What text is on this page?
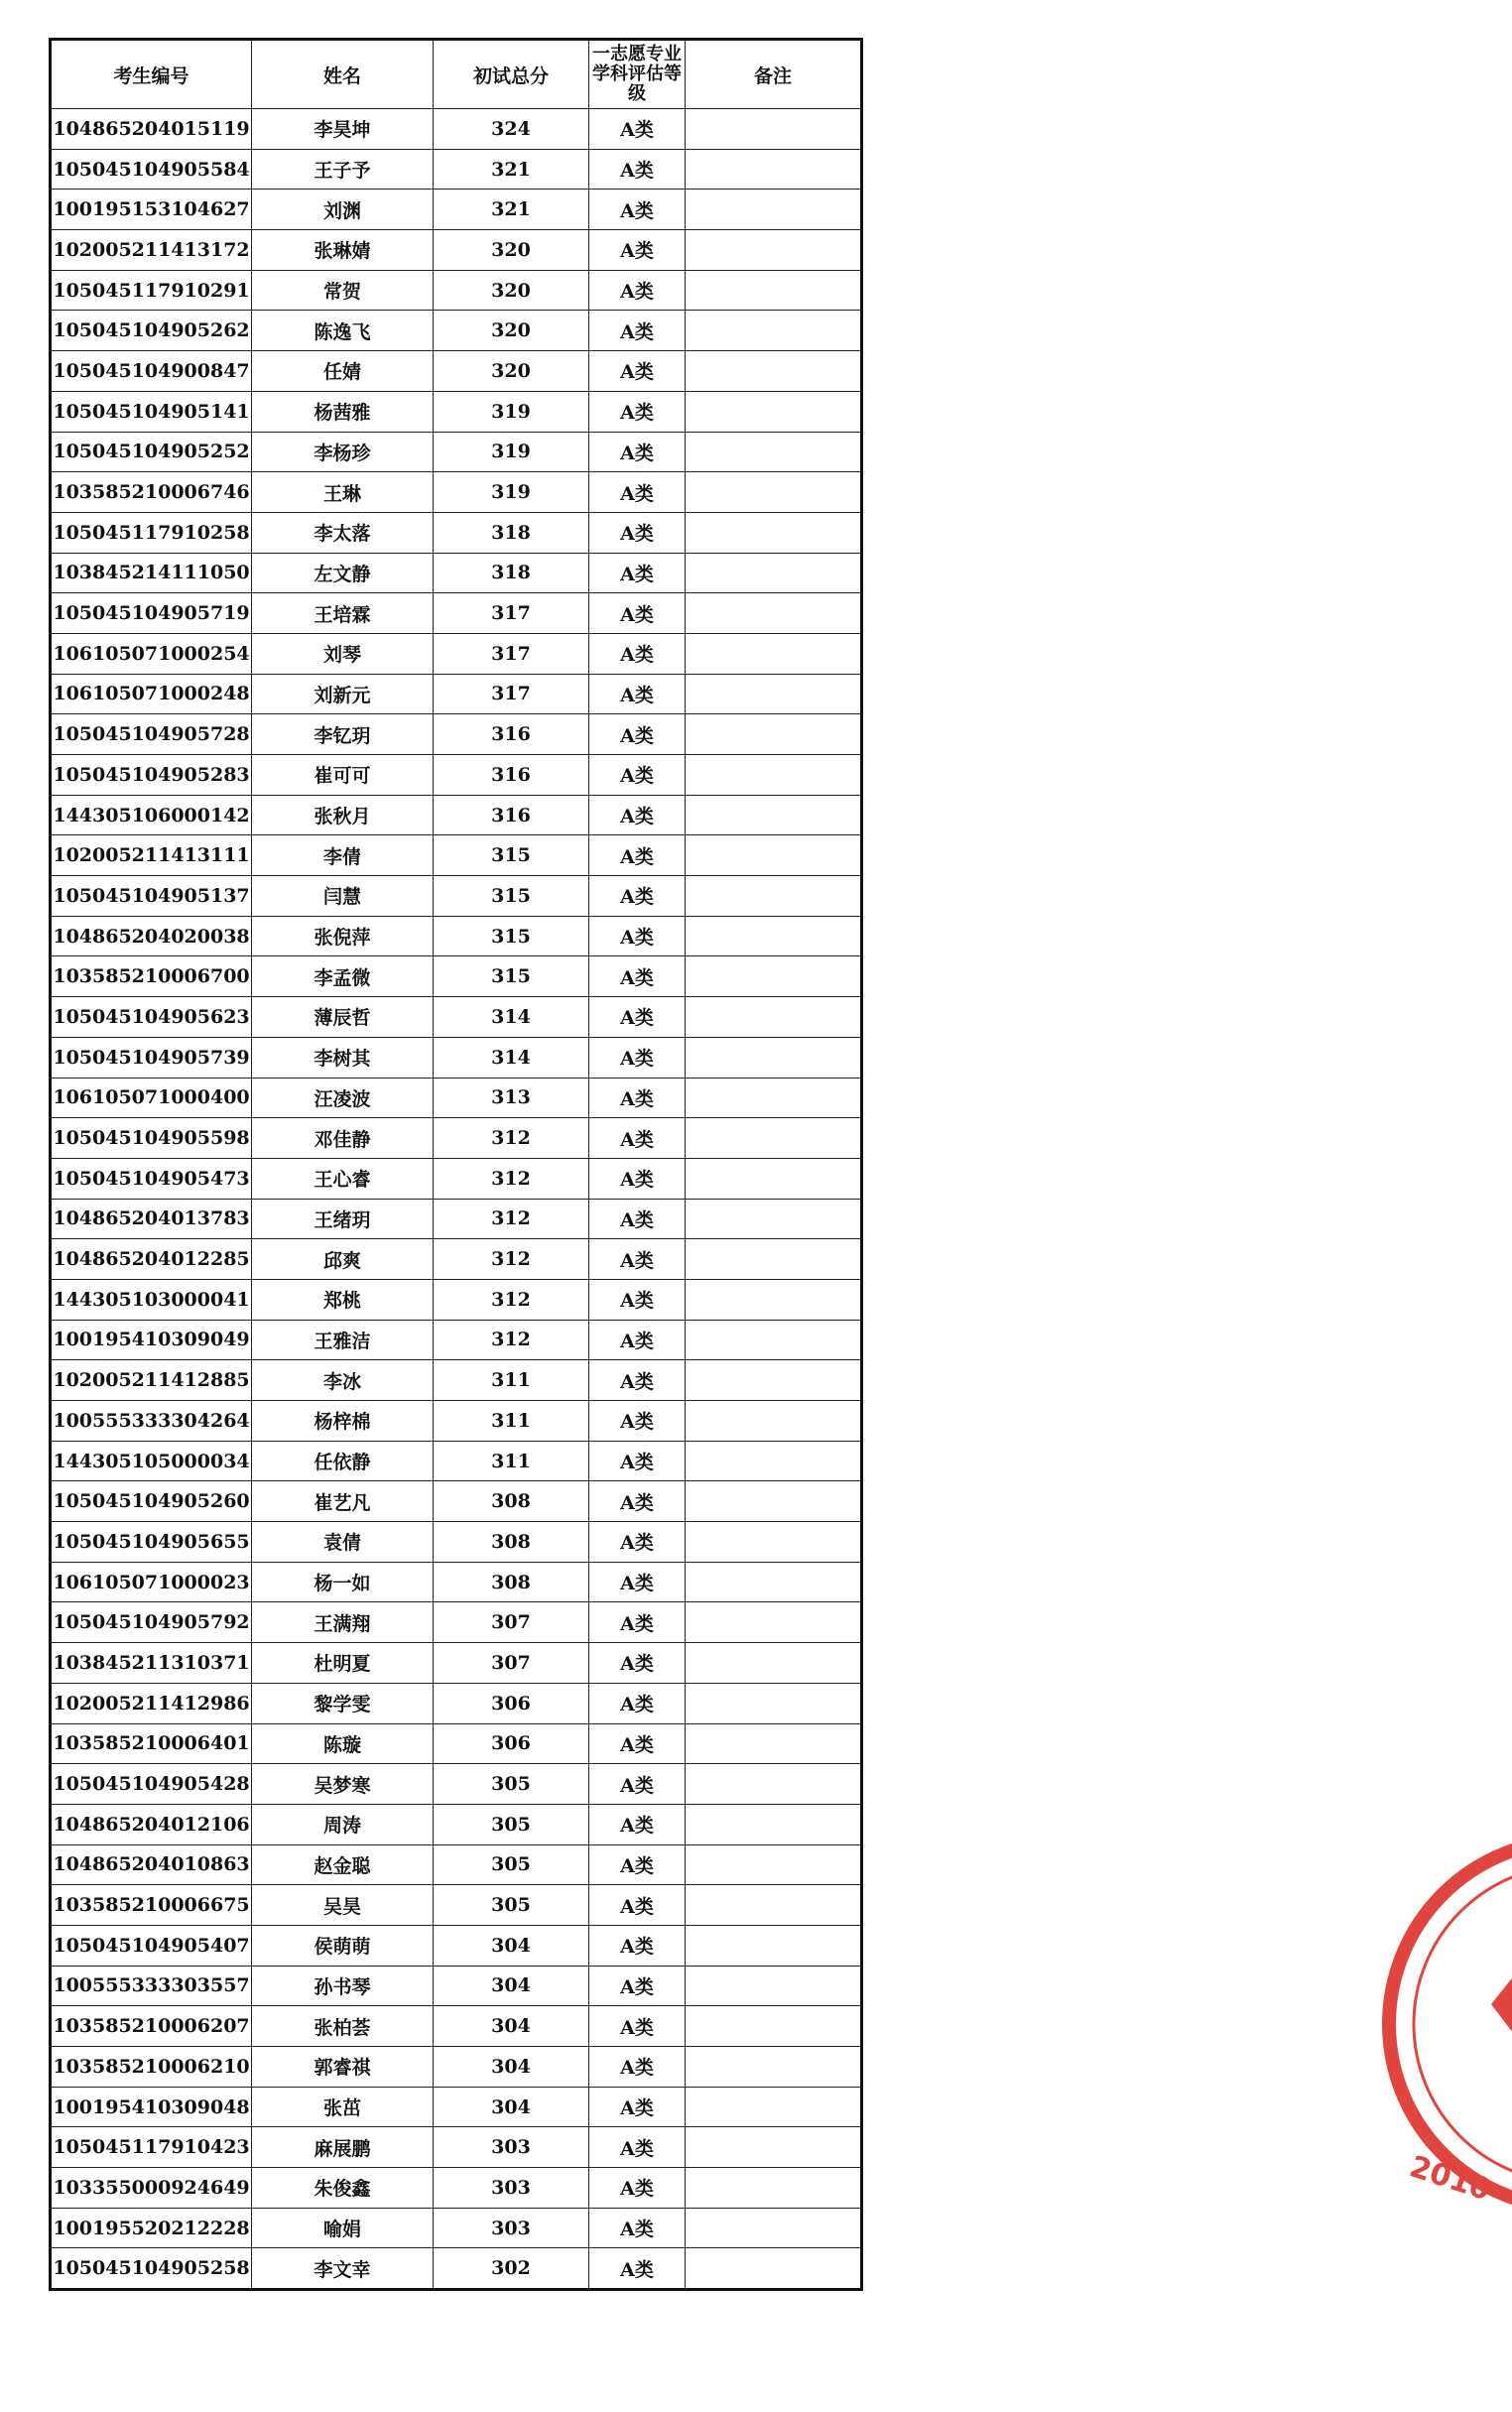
考生编号	姓名	初试总分	一志愿专业学科评估等级	备注
104865204015119	李昊坤	324	A类	
105045104905584	王子予	321	A类	
100195153104627	刘渊	321	A类	
102005211413172	张琳婧	320	A类	
105045117910291	常贺	320	A类	
105045104905262	陈逸飞	320	A类	
105045104900847	任婧	320	A类	
105045104905141	杨茜雅	319	A类	
105045104905252	李杨珍	319	A类	
103585210006746	王琳	319	A类	
105045117910258	李太落	318	A类	
103845214111050	左文静	318	A类	
105045104905719	王培霖	317	A类	
106105071000254	刘琴	317	A类	
106105071000248	刘新元	317	A类	
105045104905728	李钇玥	316	A类	
105045104905283	崔可可	316	A类	
144305106000142	张秋月	316	A类	
102005211413111	李倩	315	A类	
105045104905137	闫慧	315	A类	
104865204020038	张倪萍	315	A类	
103585210006700	李孟微	315	A类	
105045104905623	薄辰哲	314	A类	
105045104905739	李树其	314	A类	
106105071000400	汪凌波	313	A类	
105045104905598	邓佳静	312	A类	
105045104905473	王心睿	312	A类	
104865204013783	王绪玥	312	A类	
104865204012285	邱爽	312	A类	
144305103000041	郑桃	312	A类	
100195410309049	王雅洁	312	A类	
102005211412885	李冰	311	A类	
100555333304264	杨梓棉	311	A类	
144305105000034	任依静	311	A类	
105045104905260	崔艺凡	308	A类	
105045104905655	袁倩	308	A类	
106105071000023	杨一如	308	A类	
105045104905792	王满翔	307	A类	
103845211310371	杜明夏	307	A类	
102005211412986	黎学雯	306	A类	
103585210006401	陈璇	306	A类	
105045104905428	吴梦寒	305	A类	
104865204012106	周涛	305	A类	
104865204010863	赵金聪	305	A类	
103585210006675	吴昊	305	A类	
105045104905407	侯萌萌	304	A类	
100555333303557	孙书琴	304	A类	
103585210006207	张柏荟	304	A类	
103585210006210	郭睿祺	304	A类	
100195410309048	张茁	304	A类	
105045117910423	麻展鹏	303	A类	
103355000924649	朱俊鑫	303	A类	
100195520212228	喻娟	303	A类	
105045104905258	李文幸	302	A类	
2010
